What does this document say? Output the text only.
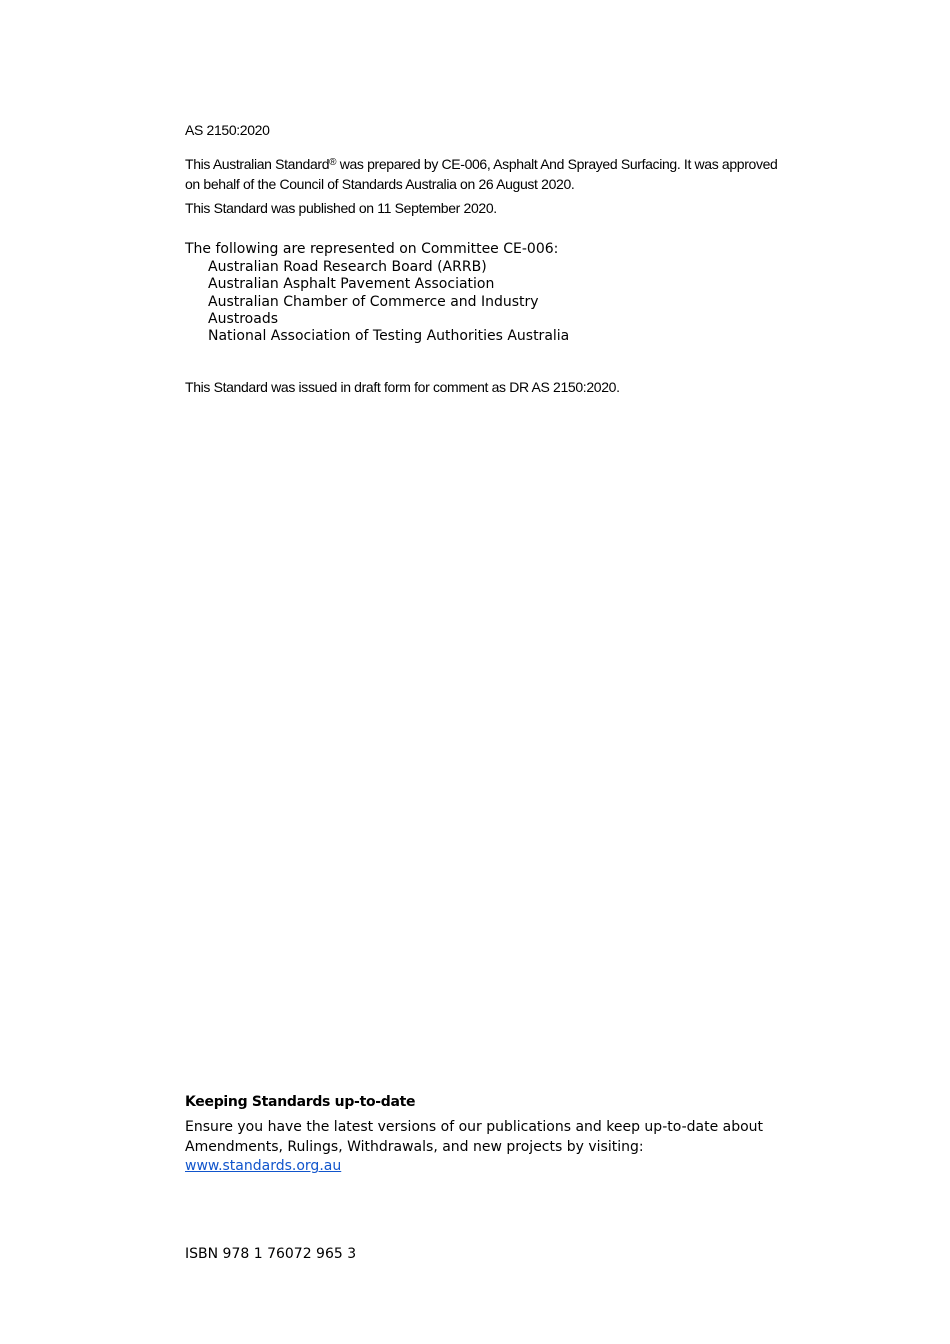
AS 2150:2020

This Australian Standard® was prepared by CE-006, Asphalt And Sprayed Surfacing. It was approved on behalf of the Council of Standards Australia on 26 August 2020.

This Standard was published on 11 September 2020.

The following are represented on Committee CE-006:

Australian Road Research Board (ARRB)
Australian Asphalt Pavement Association
Australian Chamber of Commerce and Industry
Austroads
National Association of Testing Authorities Australia

This Standard was issued in draft form for comment as DR AS 2150:2020.

Keeping Standards up-to-date

Ensure you have the latest versions of our publications and keep up-to-date about Amendments, Rulings, Withdrawals, and new projects by visiting:
www.standards.org.au

ISBN 978 1 76072 965 3
